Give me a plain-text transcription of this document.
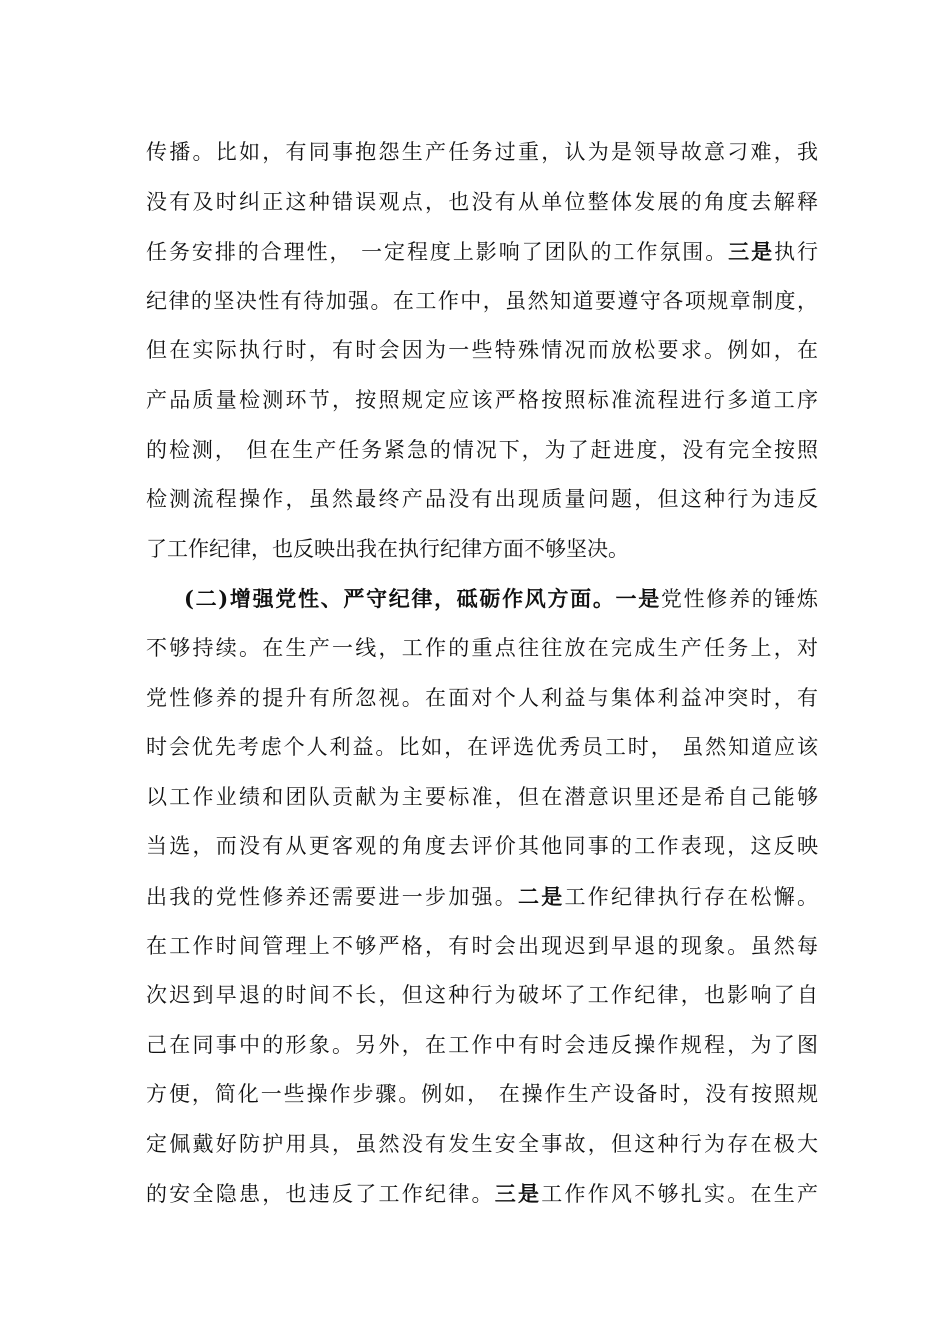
传播。比如，有同事抱怨生产任务过重，认为是领导故意刁难，我
没有及时纠正这种错误观点，也没有从单位整体发展的角度去解释
任务安排的合理性， 一定程度上影响了团队的工作氛围。三是执行
纪律的坚决性有待加强。在工作中，虽然知道要遵守各项规章制度，
但在实际执行时，有时会因为一些特殊情况而放松要求。例如，在
产品质量检测环节，按照规定应该严格按照标准流程进行多道工序
的检测， 但在生产任务紧急的情况下，为了赶进度，没有完全按照
检测流程操作，虽然最终产品没有出现质量问题，但这种行为违反
了工作纪律，也反映出我在执行纪律方面不够坚决。
(二)增强党性、严守纪律，砥砺作风方面。一是党性修养的锤炼
不够持续。在生产一线，工作的重点往往放在完成生产任务上，对
党性修养的提升有所忽视。在面对个人利益与集体利益冲突时，有
时会优先考虑个人利益。比如，在评选优秀员工时， 虽然知道应该
以工作业绩和团队贡献为主要标准，但在潜意识里还是希自己能够
当选，而没有从更客观的角度去评价其他同事的工作表现，这反映
出我的党性修养还需要进一步加强。二是工作纪律执行存在松懈。
在工作时间管理上不够严格，有时会出现迟到早退的现象。虽然每
次迟到早退的时间不长，但这种行为破坏了工作纪律，也影响了自
己在同事中的形象。另外，在工作中有时会违反操作规程，为了图
方便，简化一些操作步骤。例如， 在操作生产设备时，没有按照规
定佩戴好防护用具，虽然没有发生安全事故，但这种行为存在极大
的安全隐患，也违反了工作纪律。三是工作作风不够扎实。在生产
